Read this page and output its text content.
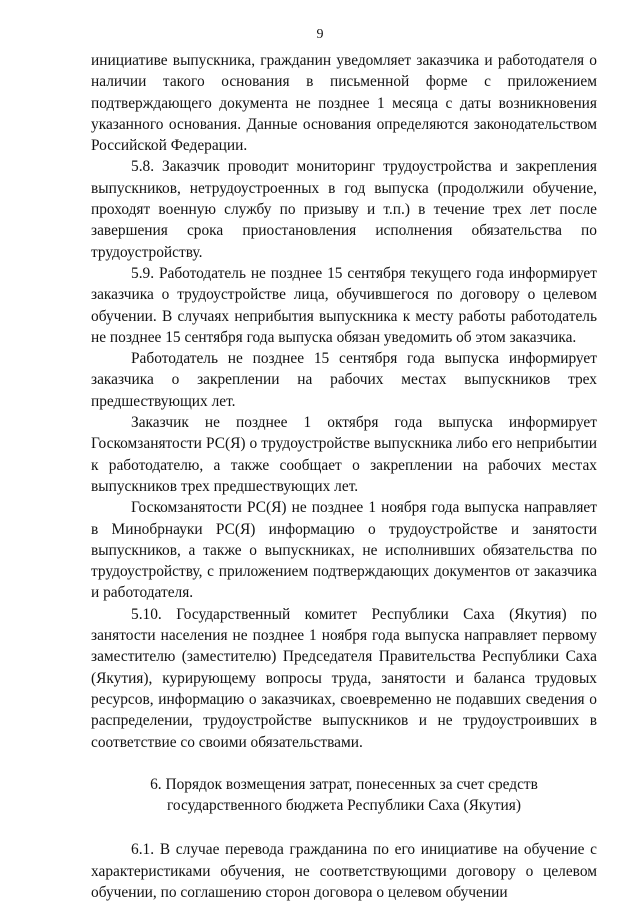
9

инициативе выпускника, гражданин уведомляет заказчика и работодателя о наличии такого основания в письменной форме с приложением подтверждающего документа не позднее 1 месяца с даты возникновения указанного основания. Данные основания определяются законодательством Российской Федерации.

5.8. Заказчик проводит мониторинг трудоустройства и закрепления выпускников, нетрудоустроенных в год выпуска (продолжили обучение, проходят военную службу по призыву и т.п.) в течение трех лет после завершения срока приостановления исполнения обязательства по трудоустройству.

5.9. Работодатель не позднее 15 сентября текущего года информирует заказчика о трудоустройстве лица, обучившегося по договору о целевом обучении. В случаях неприбытия выпускника к месту работы работодатель не позднее 15 сентября года выпуска обязан уведомить об этом заказчика.

Работодатель не позднее 15 сентября года выпуска информирует заказчика о закреплении на рабочих местах выпускников трех предшествующих лет.

Заказчик не позднее 1 октября года выпуска информирует Госкомзанятости РС(Я) о трудоустройстве выпускника либо его неприбытии к работодателю, а также сообщает о закреплении на рабочих местах выпускников трех предшествующих лет.

Госкомзанятости РС(Я) не позднее 1 ноября года выпуска направляет в Минобрнауки РС(Я) информацию о трудоустройстве и занятости выпускников, а также о выпускниках, не исполнивших обязательства по трудоустройству, с приложением подтверждающих документов от заказчика и работодателя.

5.10. Государственный комитет Республики Саха (Якутия) по занятости населения не позднее 1 ноября года выпуска направляет первому заместителю (заместителю) Председателя Правительства Республики Саха (Якутия), курирующему вопросы труда, занятости и баланса трудовых ресурсов, информацию о заказчиках, своевременно не подавших сведения о распределении, трудоустройстве выпускников и не трудоустроивших в соответствие со своими обязательствами.

6. Порядок возмещения затрат, понесенных за счет средств
государственного бюджета Республики Саха (Якутия)

6.1. В случае перевода гражданина по его инициативе на обучение с характеристиками обучения, не соответствующими договору о целевом обучении, по соглашению сторон договора о целевом обучении
